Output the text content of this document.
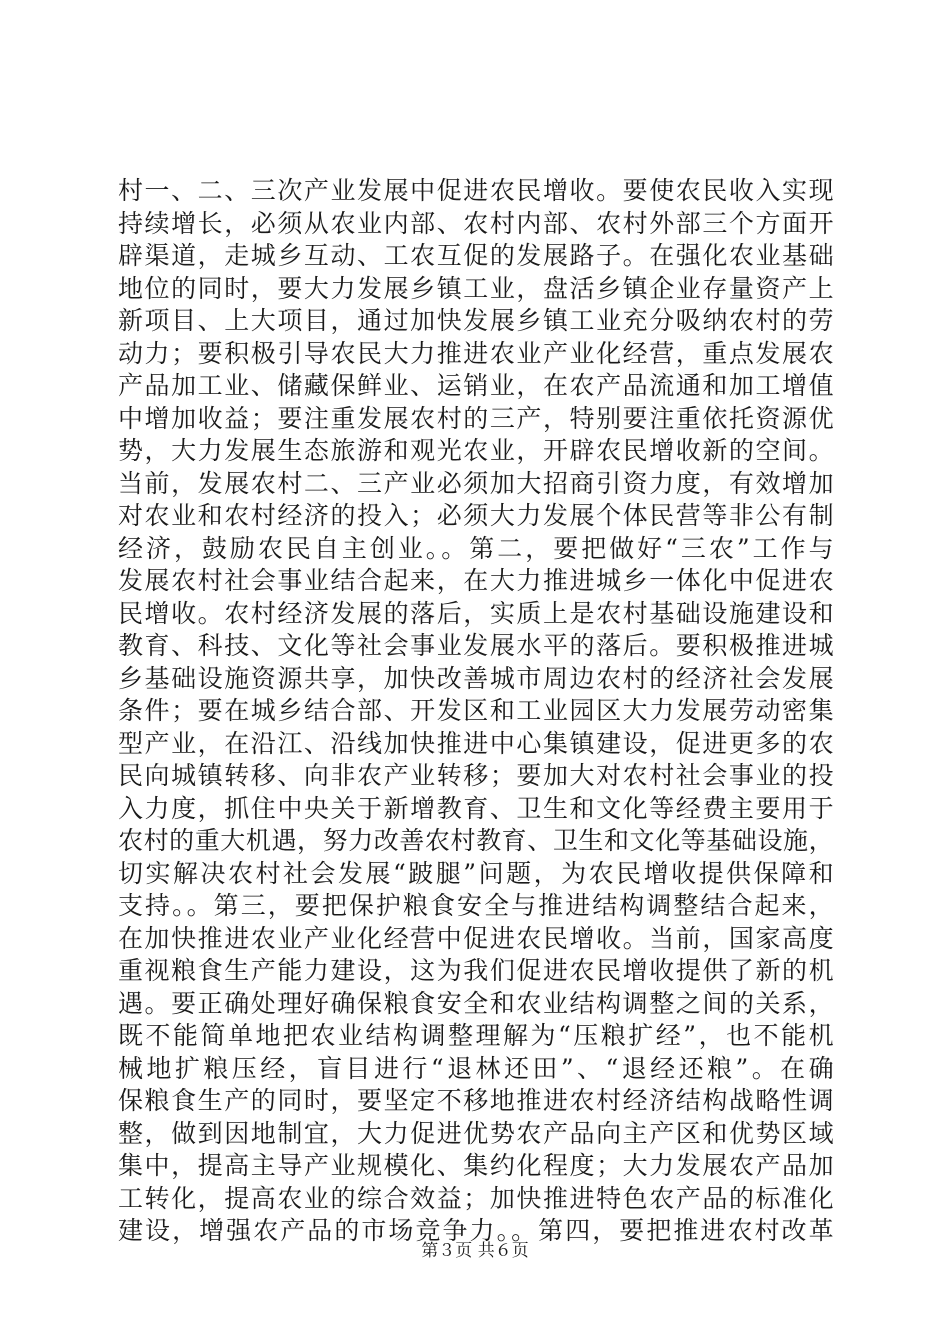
村一、二、三次产业发展中促进农民增收。要使农民收入实现
持续增长，必须从农业内部、农村内部、农村外部三个方面开
辟渠道，走城乡互动、工农互促的发展路子。在强化农业基础
地位的同时，要大力发展乡镇工业，盘活乡镇企业存量资产上
新项目、上大项目，通过加快发展乡镇工业充分吸纳农村的劳
动力；要积极引导农民大力推进农业产业化经营，重点发展农
产品加工业、储藏保鲜业、运销业，在农产品流通和加工增值
中增加收益；要注重发展农村的三产，特别要注重依托资源优
势，大力发展生态旅游和观光农业，开辟农民增收新的空间。
当前，发展农村二、三产业必须加大招商引资力度，有效增加
对农业和农村经济的投入；必须大力发展个体民营等非公有制
经济，鼓励农民自主创业。。第二，要把做好“三农”工作与
发展农村社会事业结合起来，在大力推进城乡一体化中促进农
民增收。农村经济发展的落后，实质上是农村基础设施建设和
教育、科技、文化等社会事业发展水平的落后。要积极推进城
乡基础设施资源共享，加快改善城市周边农村的经济社会发展
条件；要在城乡结合部、开发区和工业园区大力发展劳动密集
型产业，在沿江、沿线加快推进中心集镇建设，促进更多的农
民向城镇转移、向非农产业转移；要加大对农村社会事业的投
入力度，抓住中央关于新增教育、卫生和文化等经费主要用于
农村的重大机遇，努力改善农村教育、卫生和文化等基础设施，
切实解决农村社会发展“跛腿”问题，为农民增收提供保障和
支持。。第三，要把保护粮食安全与推进结构调整结合起来，
在加快推进农业产业化经营中促进农民增收。当前，国家高度
重视粮食生产能力建设，这为我们促进农民增收提供了新的机
遇。要正确处理好确保粮食安全和农业结构调整之间的关系，
既不能简单地把农业结构调整理解为“压粮扩经”，也不能机
械地扩粮压经，盲目进行“退林还田”、“退经还粮”。在确
保粮食生产的同时，要坚定不移地推进农村经济结构战略性调
整，做到因地制宜，大力促进优势农产品向主产区和优势区域
集中，提高主导产业规模化、集约化程度；大力发展农产品加
工转化，提高农业的综合效益；加快推进特色农产品的标准化
建设，增强农产品的市场竞争力。。第四，要把推进农村改革
第３页 共６页
